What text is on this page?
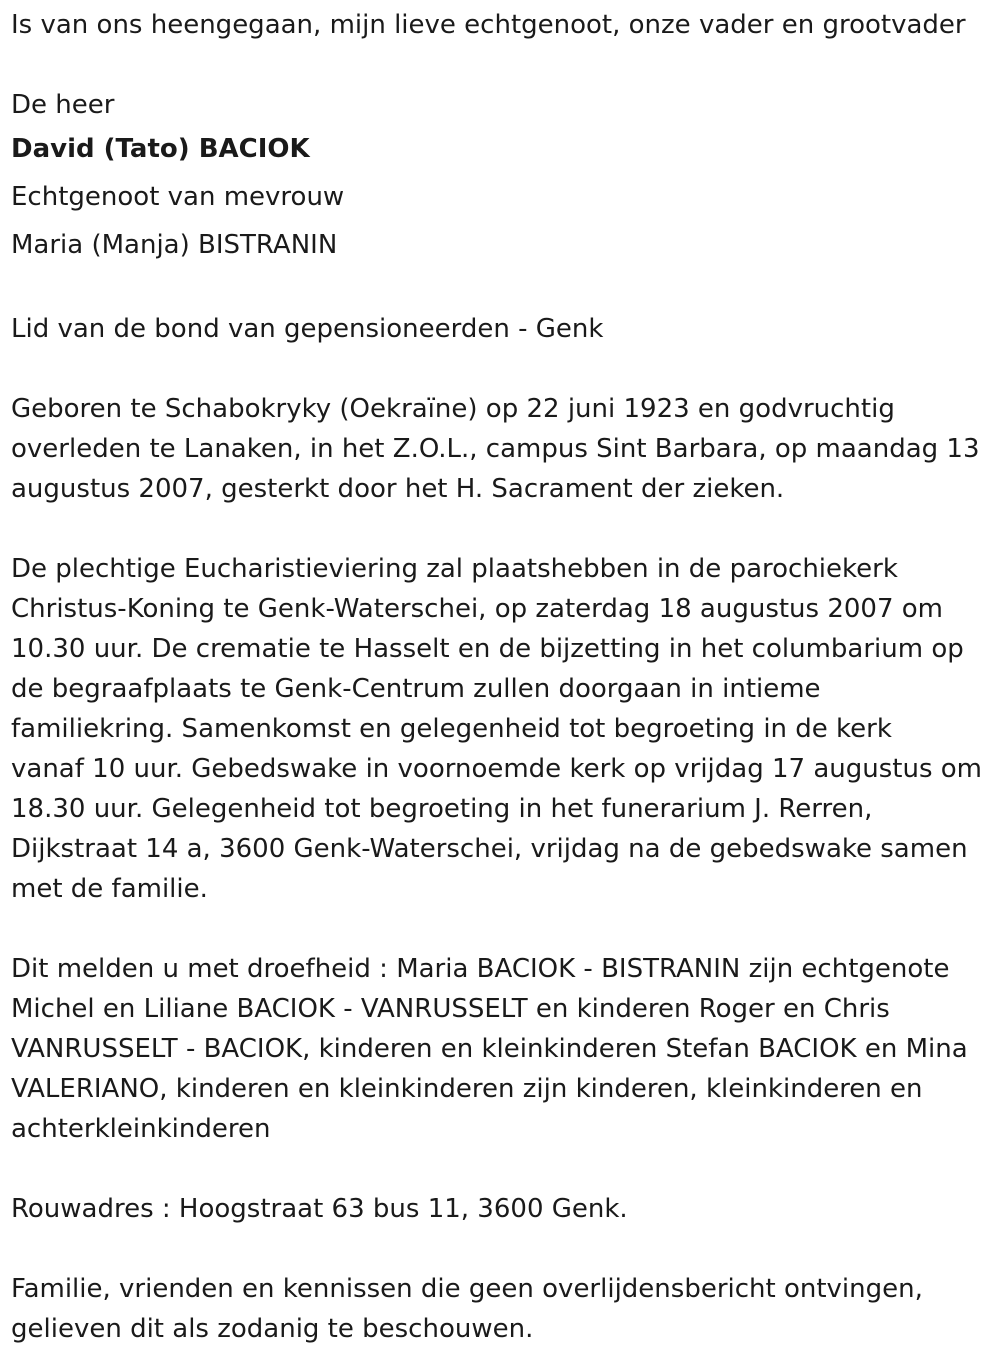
Is van ons heengegaan, mijn lieve echtgenoot, onze vader en grootvader
De heer
David (Tato) BACIOK
Echtgenoot van mevrouw
Maria (Manja) BISTRANIN
Lid van de bond van gepensioneerden - Genk
Geboren te Schabokryky (Oekraïne) op 22 juni 1923 en godvruchtig
overleden te Lanaken, in het Z.O.L., campus Sint Barbara, op maandag 13
augustus 2007, gesterkt door het H. Sacrament der zieken.
De plechtige Eucharistieviering zal plaatshebben in de parochiekerk
Christus-Koning te Genk-Waterschei, op zaterdag 18 augustus 2007 om
10.30 uur. De crematie te Hasselt en de bijzetting in het columbarium op
de begraafplaats te Genk-Centrum zullen doorgaan in intieme
familiekring. Samenkomst en gelegenheid tot begroeting in de kerk
vanaf 10 uur. Gebedswake in voornoemde kerk op vrijdag 17 augustus om
18.30 uur. Gelegenheid tot begroeting in het funerarium J. Rerren,
Dijkstraat 14 a, 3600 Genk-Waterschei, vrijdag na de gebedswake samen
met de familie.
Dit melden u met droefheid : Maria BACIOK - BISTRANIN zijn echtgenote
Michel en Liliane BACIOK - VANRUSSELT en kinderen Roger en Chris
VANRUSSELT - BACIOK, kinderen en kleinkinderen Stefan BACIOK en Mina
VALERIANO, kinderen en kleinkinderen zijn kinderen, kleinkinderen en
achterkleinkinderen
Rouwadres : Hoogstraat 63 bus 11, 3600 Genk.
Familie, vrienden en kennissen die geen overlijdensbericht ontvingen,
gelieven dit als zodanig te beschouwen.
